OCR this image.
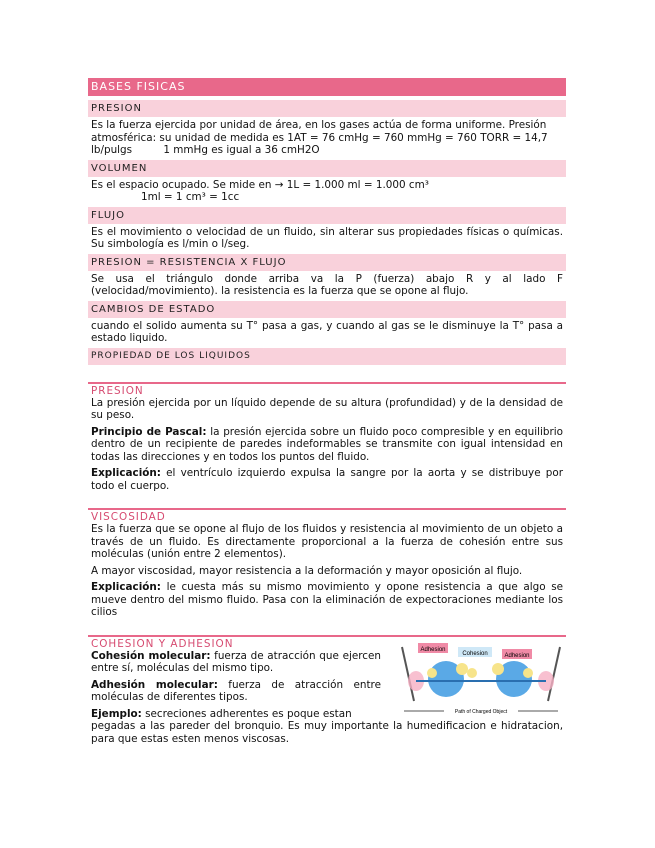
BASES FISICAS
PRESION
Es la fuerza ejercida por unidad de área, en los gases actúa de forma uniforme. Presión
atmosférica: su unidad de medida es 1AT = 76 cmHg = 760 mmHg = 760 TORR = 14,7
lb/pulgs	1 mmHg es igual a 36 cmH2O
VOLUMEN
Es el espacio ocupado. Se mide en → 1L = 1.000 ml = 1.000 cm³
1ml = 1 cm³ = 1cc
FLUJO
Es el movimiento o velocidad de un fluido, sin alterar sus propiedades físicas o químicas. Su simbología es l/min o l/seg.
PRESION = RESISTENCIA X FLUJO
Se usa el triángulo donde arriba va la P (fuerza) abajo R y al lado F (velocidad/movimiento). la resistencia es la fuerza que se opone al flujo.
CAMBIOS DE ESTADO
cuando el solido aumenta su T° pasa a gas, y cuando al gas se le disminuye la T° pasa a estado liquido.
PROPIEDAD DE LOS LIQUIDOS
PRESION
La presión ejercida por un líquido depende de su altura (profundidad) y de la densidad de su peso.
Principio de Pascal: la presión ejercida sobre un fluido poco compresible y en equilibrio dentro de un recipiente de paredes indeformables se transmite con igual intensidad en todas las direcciones y en todos los puntos del fluido.
Explicación: el ventrículo izquierdo expulsa la sangre por la aorta y se distribuye por todo el cuerpo.
VISCOSIDAD
Es la fuerza que se opone al flujo de los fluidos y resistencia al movimiento de un objeto a través de un fluido. Es directamente proporcional a la fuerza de cohesión entre sus moléculas (unión entre 2 elementos).
A mayor viscosidad, mayor resistencia a la deformación y mayor oposición al flujo.
Explicación: le cuesta más su mismo movimiento y opone resistencia a que algo se mueve dentro del mismo fluido. Pasa con la eliminación de expectoraciones mediante los cilios
Adhesion
Cohesion	Adhesion
Path of Charged Object
COHESION Y ADHESION
Cohesión molecular: fuerza de atracción que ejercen entre sí, moléculas del mismo tipo.
Adhesión molecular: fuerza de atracción entre moléculas de diferentes tipos.
Ejemplo: secreciones adherentes es poque estan
pegadas a las pareder del bronquio. Es muy importante la humedificacion e hidratacion, para que estas esten menos viscosas.
